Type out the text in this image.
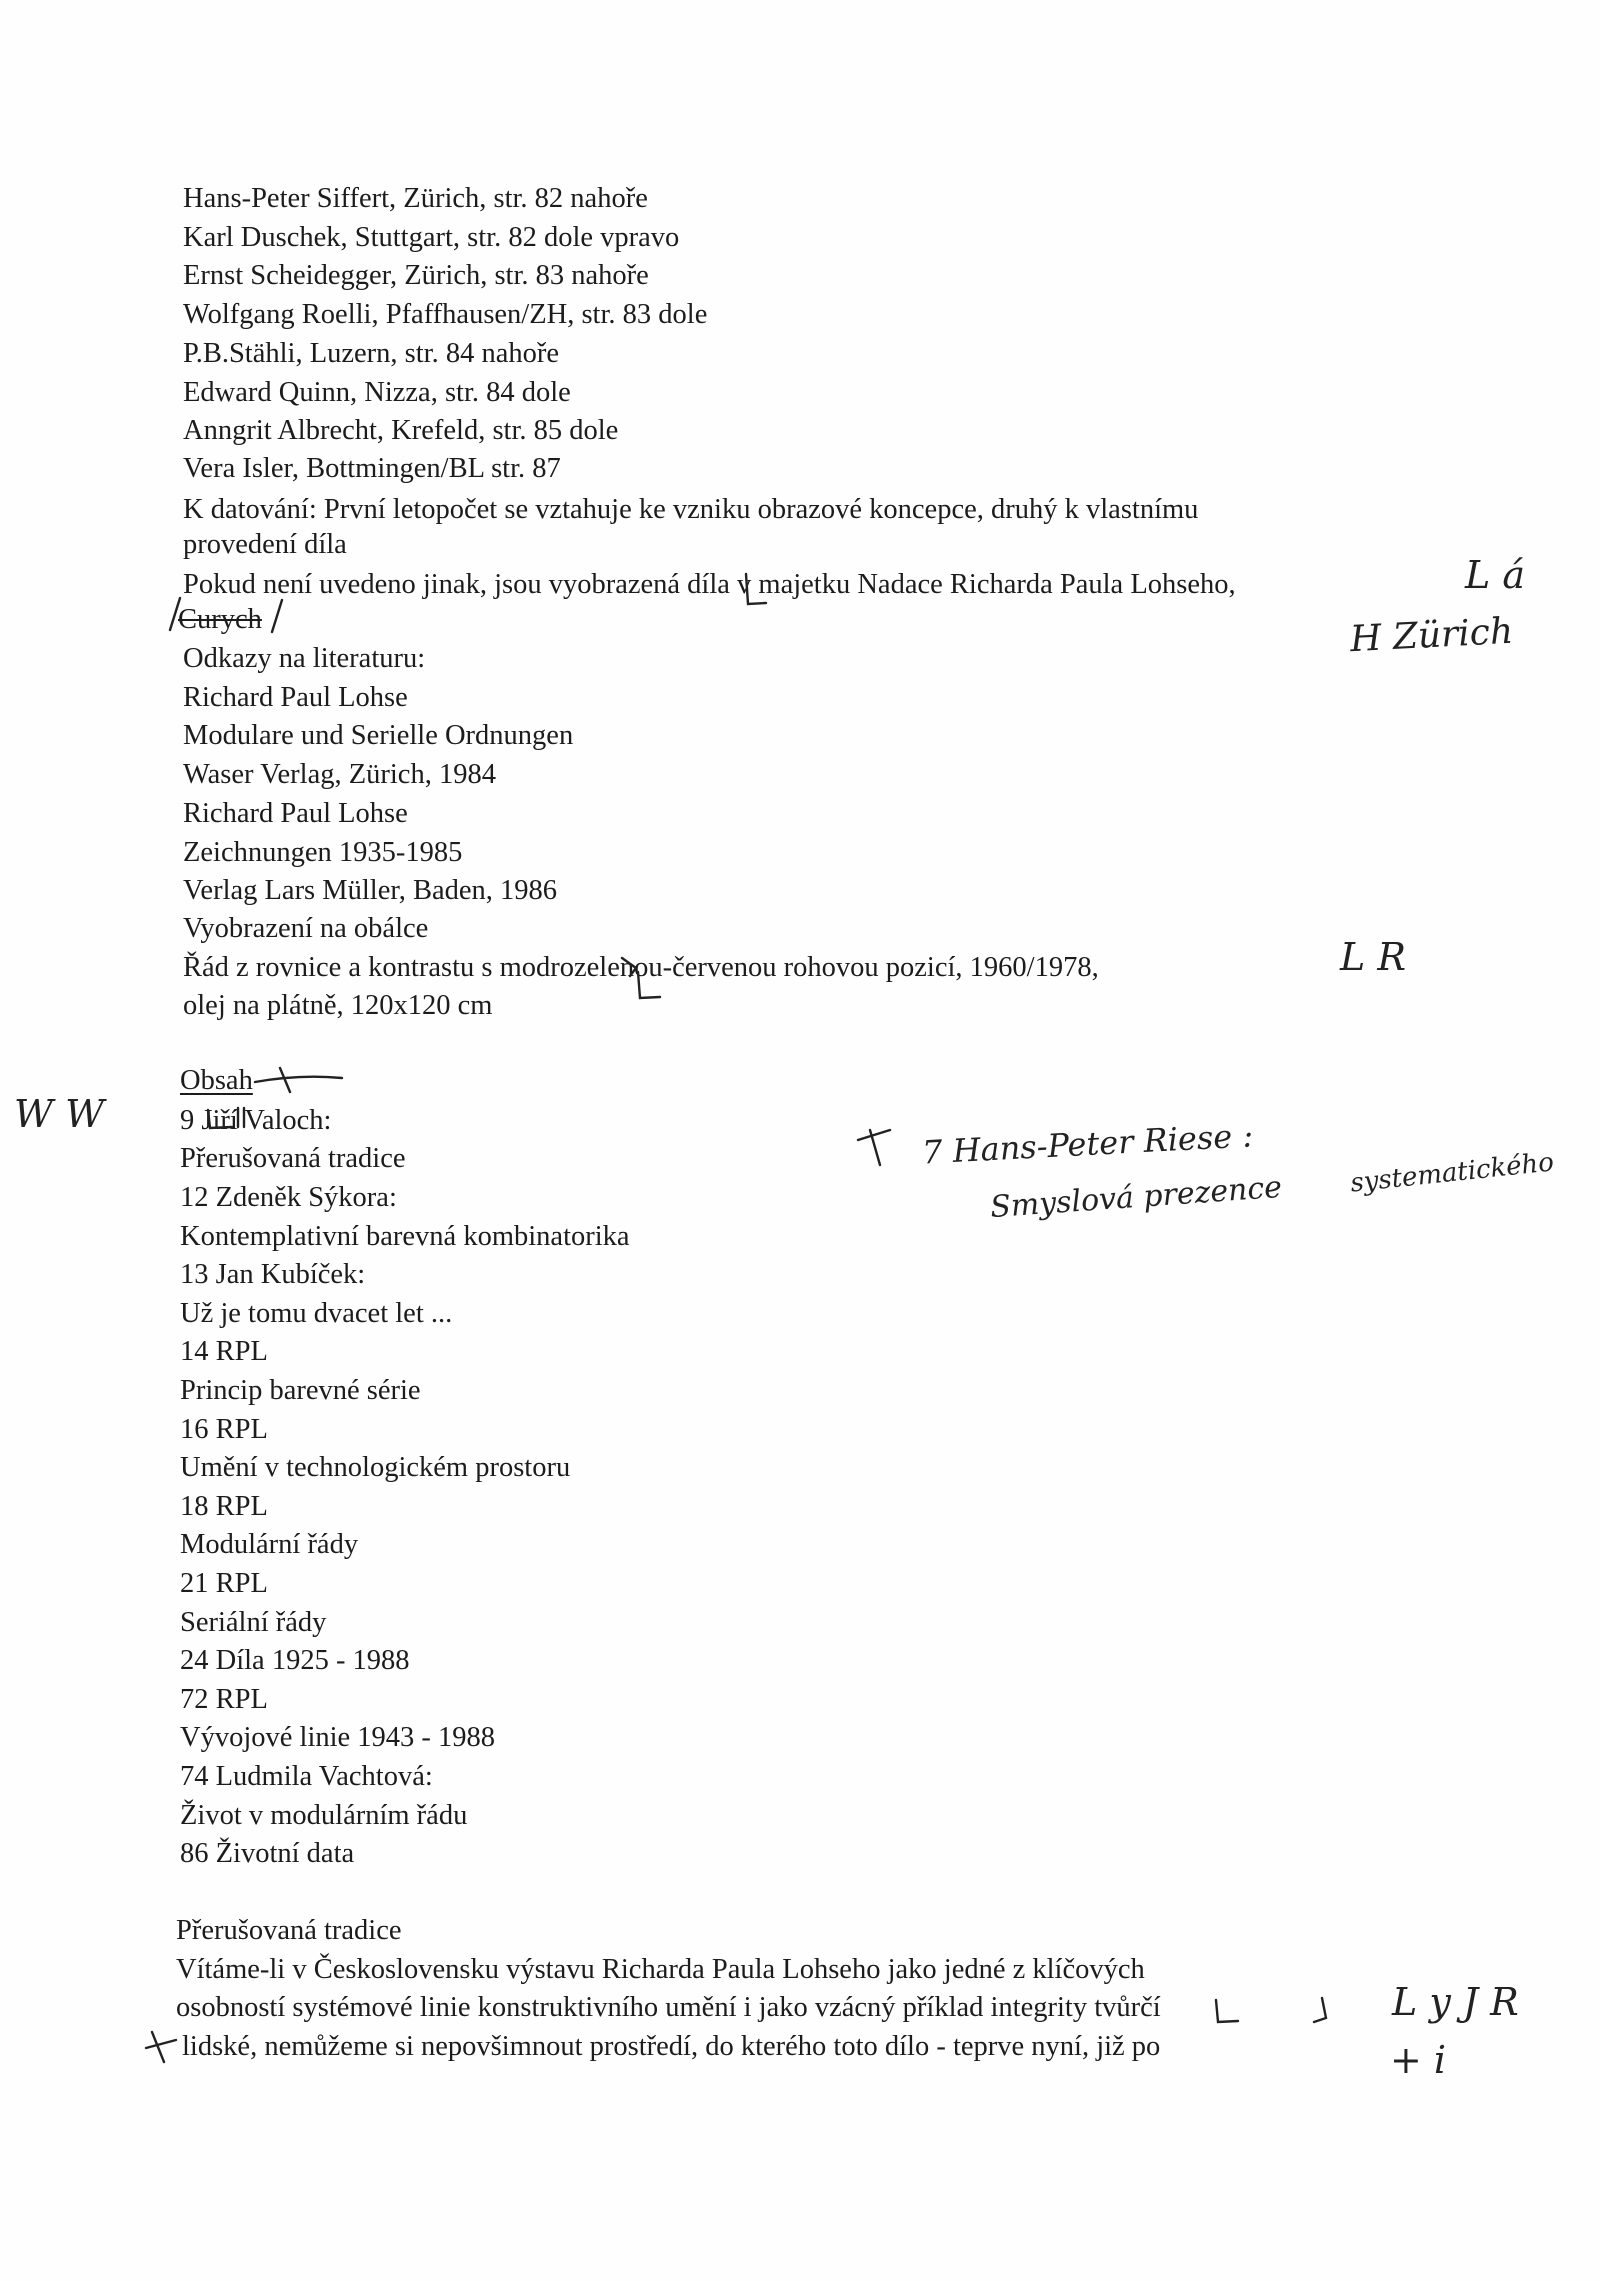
Hans-Peter Siffert, Zürich, str. 82 nahoře
Karl Duschek, Stuttgart, str. 82 dole vpravo
Ernst Scheidegger, Zürich, str. 83 nahoře
Wolfgang Roelli, Pfaffhausen/ZH, str. 83 dole
P.B.Stähli, Luzern, str. 84 nahoře
Edward Quinn, Nizza, str. 84 dole
Anngrit Albrecht, Krefeld, str. 85 dole
Vera Isler, Bottmingen/BL str. 87
K datování: První letopočet se vztahuje ke vzniku obrazové koncepce, druhý k vlastnímu
provedení díla
Pokud není uvedeno jinak, jsou vyobrazená díla v majetku Nadace Richarda Paula Lohseho,
Curych
Odkazy na literaturu:
Richard Paul Lohse
Modulare und Serielle Ordnungen
Waser Verlag, Zürich, 1984
Richard Paul Lohse
Zeichnungen 1935-1985
Verlag Lars Müller, Baden, 1986
Vyobrazení na obálce
Řád z rovnice a kontrastu s modrozelenou-červenou rohovou pozicí, 1960/1978,
olej na plátně, 120x120 cm
Obsah
9 Jiří Valoch:
Přerušovaná tradice
12 Zdeněk Sýkora:
Kontemplativní barevná kombinatorika
13 Jan Kubíček:
Už je tomu dvacet let ...
14 RPL
Princip barevné série
16 RPL
Umění v technologickém prostoru
18 RPL
Modulární řády
21 RPL
Seriální řády
24 Díla 1925 - 1988
72 RPL
Vývojové linie 1943 - 1988
74 Ludmila Vachtová:
Život v modulárním řádu
86 Životní data
Přerušovaná tradice
Vítáme-li v Československu výstavu Richarda Paula Lohseho jako jedné z klíčových
osobností systémové linie konstruktivního umění i jako vzácný příklad integrity tvůrčí
lidské, nemůžeme si nepovšimnout prostředí, do kterého toto dílo - teprve nyní, již po
L á
H Zürich
L R
W W
7 Hans-Peter Riese :
Smyslová prezence	systematického
L y J R
+ i
